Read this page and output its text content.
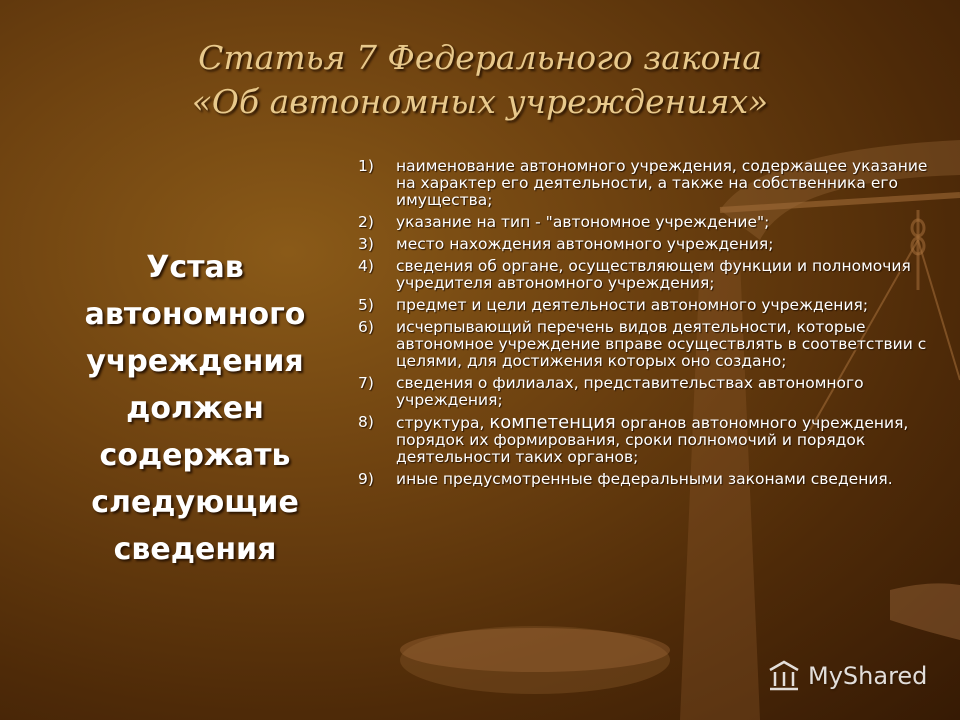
Статья 7 Федерального закона
«Об автономных учреждениях»
Устав
автономного
учреждения
должен
содержать
следующие
сведения
1)	наименование автономного учреждения, содержащее указание на характер его деятельности, а также на собственника его имущества;
2)	указание на тип - "автономное учреждение";
3)	место нахождения автономного учреждения;
4)	сведения об органе, осуществляющем функции и полномочия учредителя автономного учреждения;
5)	предмет и цели деятельности автономного учреждения;
6)	исчерпывающий перечень видов деятельности, которые автономное учреждение вправе осуществлять в соответствии с целями, для достижения которых оно создано;
7)	сведения о филиалах, представительствах автономного учреждения;
8)	структура, компетенция органов автономного учреждения, порядок их формирования, сроки полномочий и порядок деятельности таких органов;
9)	иные предусмотренные федеральными законами сведения.
MyShared
